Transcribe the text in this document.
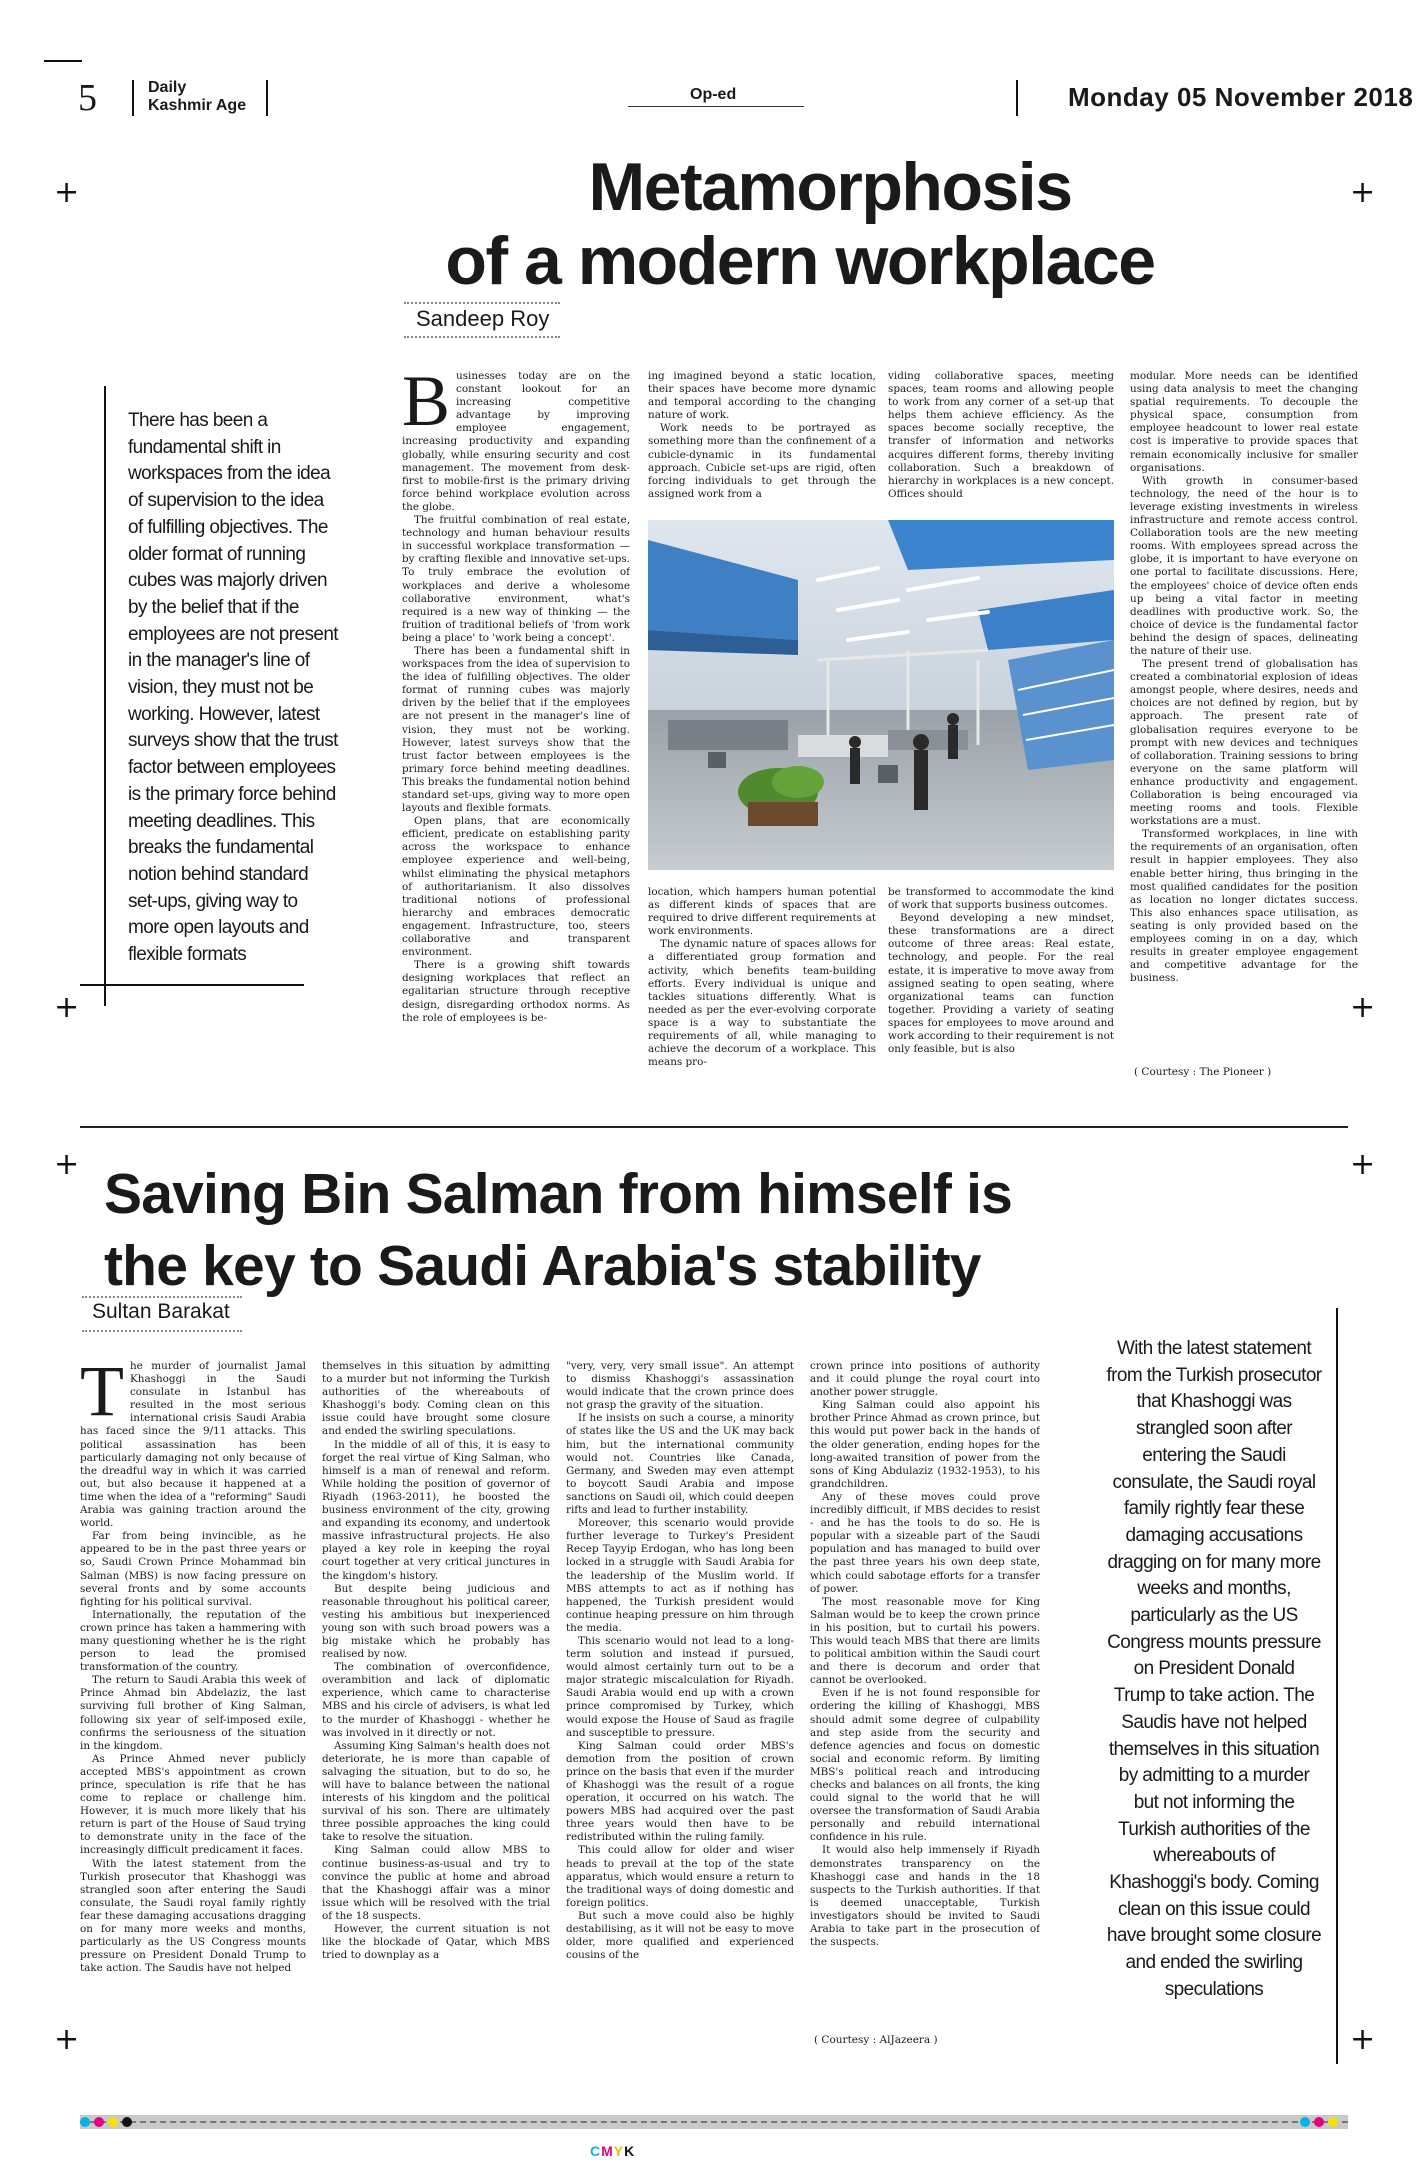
5	Daily
Kashmir Age
Op-ed	Monday 05 November 2018
+	+
+	+
+	+
+	+
Metamorphosis
of a modern workplace
Sandeep Roy
There has been a fundamental shift in workspaces from the idea of supervision to the idea of fulfilling objectives. The older format of running cubes was majorly driven by the belief that if the employees are not present in the manager's line of vision, they must not be working. However, latest surveys show that the trust factor between employees is the primary force behind meeting deadlines. This breaks the fundamental notion behind standard set-ups, giving way to more open layouts and flexible formats
B usinesses today are on the constant lookout for an increasing competitive advantage by improving employee engagement, increasing productivity and expanding globally, while ensuring security and cost management. The movement from desk-first to mobile-first is the primary driving force behind workplace evolution across the globe.

The fruitful combination of real estate, technology and human behaviour results in successful workplace transformation — by crafting flexible and innovative set-ups. To truly embrace the evolution of workplaces and derive a wholesome collaborative environment, what's required is a new way of thinking — the fruition of traditional beliefs of 'from work being a place' to 'work being a concept'.

There has been a fundamental shift in workspaces from the idea of supervision to the idea of fulfilling objectives. The older format of running cubes was majorly driven by the belief that if the employees are not present in the manager's line of vision, they must not be working. However, latest surveys show that the trust factor between employees is the primary force behind meeting deadlines. This breaks the fundamental notion behind standard set-ups, giving way to more open layouts and flexible formats.

Open plans, that are economically efficient, predicate on establishing parity across the workspace to enhance employee experience and well-being, whilst eliminating the physical metaphors of authoritarianism. It also dissolves traditional notions of professional hierarchy and embraces democratic engagement. Infrastructure, too, steers collaborative and transparent environment.

There is a growing shift towards designing workplaces that reflect an egalitarian structure through receptive design, disregarding orthodox norms. As the role of employees is be-

ing imagined beyond a static location, their spaces have become more dynamic and temporal according to the changing nature of work.

Work needs to be portrayed as something more than the confinement of a cubicle-dynamic in its fundamental approach. Cubicle set-ups are rigid, often forcing individuals to get through the assigned work from a

viding collaborative spaces, meeting spaces, team rooms and allowing people to work from any corner of a set-up that helps them achieve efficiency. As the spaces become socially receptive, the transfer of information and networks acquires different forms, thereby inviting collaboration. Such a breakdown of hierarchy in workplaces is a new concept. Offices should

location, which hampers human potential as different kinds of spaces that are required to drive different requirements at work environments.

The dynamic nature of spaces allows for a differentiated group formation and activity, which benefits team-building efforts. Every individual is unique and tackles situations differently. What is needed as per the ever-evolving corporate space is a way to substantiate the requirements of all, while managing to achieve the decorum of a workplace. This means pro-

be transformed to accommodate the kind of work that supports business outcomes.

Beyond developing a new mindset, these transformations are a direct outcome of three areas: Real estate, technology, and people. For the real estate, it is imperative to move away from assigned seating to open seating, where organizational teams can function together. Providing a variety of seating spaces for employees to move around and work according to their requirement is not only feasible, but is also

modular. More needs can be identified using data analysis to meet the changing spatial requirements. To decouple the physical space, consumption from employee headcount to lower real estate cost is imperative to provide spaces that remain economically inclusive for smaller organisations.

With growth in consumer-based technology, the need of the hour is to leverage existing investments in wireless infrastructure and remote access control. Collaboration tools are the new meeting rooms. With employees spread across the globe, it is important to have everyone on one portal to facilitate discussions. Here, the employees' choice of device often ends up being a vital factor in meeting deadlines with productive work. So, the choice of device is the fundamental factor behind the design of spaces, delineating the nature of their use.

The present trend of globalisation has created a combinatorial explosion of ideas amongst people, where desires, needs and choices are not defined by region, but by approach. The present rate of globalisation requires everyone to be prompt with new devices and techniques of collaboration. Training sessions to bring everyone on the same platform will enhance productivity and engagement. Collaboration is being encouraged via meeting rooms and tools. Flexible workstations are a must.

Transformed workplaces, in line with the requirements of an organisation, often result in happier employees. They also enable better hiring, thus bringing in the most qualified candidates for the position as location no longer dictates success. This also enhances space utilisation, as seating is only provided based on the employees coming in on a day, which results in greater employee engagement and competitive advantage for the business.

( Courtesy : The Pioneer )
Saving Bin Salman from himself is
the key to Saudi Arabia's stability
Sultan Barakat
T he murder of journalist Jamal Khashoggi in the Saudi consulate in Istanbul has resulted in the most serious international crisis Saudi Arabia has faced since the 9/11 attacks. This political assassination has been particularly damaging not only because of the dreadful way in which it was carried out, but also because it happened at a time when the idea of a "reforming" Saudi Arabia was gaining traction around the world.

Far from being invincible, as he appeared to be in the past three years or so, Saudi Crown Prince Mohammad bin Salman (MBS) is now facing pressure on several fronts and by some accounts fighting for his political survival.

Internationally, the reputation of the crown prince has taken a hammering with many questioning whether he is the right person to lead the promised transformation of the country.

The return to Saudi Arabia this week of Prince Ahmad bin Abdelaziz, the last surviving full brother of King Salman, following six year of self-imposed exile, confirms the seriousness of the situation in the kingdom.

As Prince Ahmed never publicly accepted MBS's appointment as crown prince, speculation is rife that he has come to replace or challenge him. However, it is much more likely that his return is part of the House of Saud trying to demonstrate unity in the face of the increasingly difficult predicament it faces.

With the latest statement from the Turkish prosecutor that Khashoggi was strangled soon after entering the Saudi consulate, the Saudi royal family rightly fear these damaging accusations dragging on for many more weeks and months, particularly as the US Congress mounts pressure on President Donald Trump to take action. The Saudis have not helped

themselves in this situation by admitting to a murder but not informing the Turkish authorities of the whereabouts of Khashoggi's body. Coming clean on this issue could have brought some closure and ended the swirling speculations.

In the middle of all of this, it is easy to forget the real virtue of King Salman, who himself is a man of renewal and reform. While holding the position of governor of Riyadh (1963-2011), he boosted the business environment of the city, growing and expanding its economy, and undertook massive infrastructural projects. He also played a key role in keeping the royal court together at very critical junctures in the kingdom's history.

But despite being judicious and reasonable throughout his political career, vesting his ambitious but inexperienced young son with such broad powers was a big mistake which he probably has realised by now.

The combination of overconfidence, overambition and lack of diplomatic experience, which came to characterise MBS and his circle of advisers, is what led to the murder of Khashoggi - whether he was involved in it directly or not.

Assuming King Salman's health does not deteriorate, he is more than capable of salvaging the situation, but to do so, he will have to balance between the national interests of his kingdom and the political survival of his son. There are ultimately three possible approaches the king could take to resolve the situation.

King Salman could allow MBS to continue business-as-usual and try to convince the public at home and abroad that the Khashoggi affair was a minor issue which will be resolved with the trial of the 18 suspects.

However, the current situation is not like the blockade of Qatar, which MBS tried to downplay as a

"very, very, very small issue". An attempt to dismiss Khashoggi's assassination would indicate that the crown prince does not grasp the gravity of the situation.

If he insists on such a course, a minority of states like the US and the UK may back him, but the international community would not. Countries like Canada, Germany, and Sweden may even attempt to boycott Saudi Arabia and impose sanctions on Saudi oil, which could deepen rifts and lead to further instability.

Moreover, this scenario would provide further leverage to Turkey's President Recep Tayyip Erdogan, who has long been locked in a struggle with Saudi Arabia for the leadership of the Muslim world. If MBS attempts to act as if nothing has happened, the Turkish president would continue heaping pressure on him through the media.

This scenario would not lead to a long-term solution and instead if pursued, would almost certainly turn out to be a major strategic miscalculation for Riyadh. Saudi Arabia would end up with a crown prince compromised by Turkey, which would expose the House of Saud as fragile and susceptible to pressure.

King Salman could order MBS's demotion from the position of crown prince on the basis that even if the murder of Khashoggi was the result of a rogue operation, it occurred on his watch. The powers MBS had acquired over the past three years would then have to be redistributed within the ruling family.

This could allow for older and wiser heads to prevail at the top of the state apparatus, which would ensure a return to the traditional ways of doing domestic and foreign politics.

But such a move could also be highly destabilising, as it will not be easy to move older, more qualified and experienced cousins of the

crown prince into positions of authority and it could plunge the royal court into another power struggle.

King Salman could also appoint his brother Prince Ahmad as crown prince, but this would put power back in the hands of the older generation, ending hopes for the long-awaited transition of power from the sons of King Abdulaziz (1932-1953), to his grandchildren.

Any of these moves could prove incredibly difficult, if MBS decides to resist - and he has the tools to do so. He is popular with a sizeable part of the Saudi population and has managed to build over the past three years his own deep state, which could sabotage efforts for a transfer of power.

The most reasonable move for King Salman would be to keep the crown prince in his position, but to curtail his powers. This would teach MBS that there are limits to political ambition within the Saudi court and there is decorum and order that cannot be overlooked.

Even if he is not found responsible for ordering the killing of Khashoggi, MBS should admit some degree of culpability and step aside from the security and defence agencies and focus on domestic social and economic reform. By limiting MBS's political reach and introducing checks and balances on all fronts, the king could signal to the world that he will oversee the transformation of Saudi Arabia personally and rebuild international confidence in his rule.

It would also help immensely if Riyadh demonstrates transparency on the Khashoggi case and hands in the 18 suspects to the Turkish authorities. If that is deemed unacceptable, Turkish investigators should be invited to Saudi Arabia to take part in the prosecution of the suspects.

( Courtesy : AlJazeera )
With the latest statement from the Turkish prosecutor that Khashoggi was strangled soon after entering the Saudi consulate, the Saudi royal family rightly fear these damaging accusations dragging on for many more weeks and months, particularly as the US Congress mounts pressure on President Donald Trump to take action. The Saudis have not helped themselves in this situation by admitting to a murder but not informing the Turkish authorities of the whereabouts of Khashoggi's body. Coming clean on this issue could have brought some closure and ended the swirling speculations
CMYK
